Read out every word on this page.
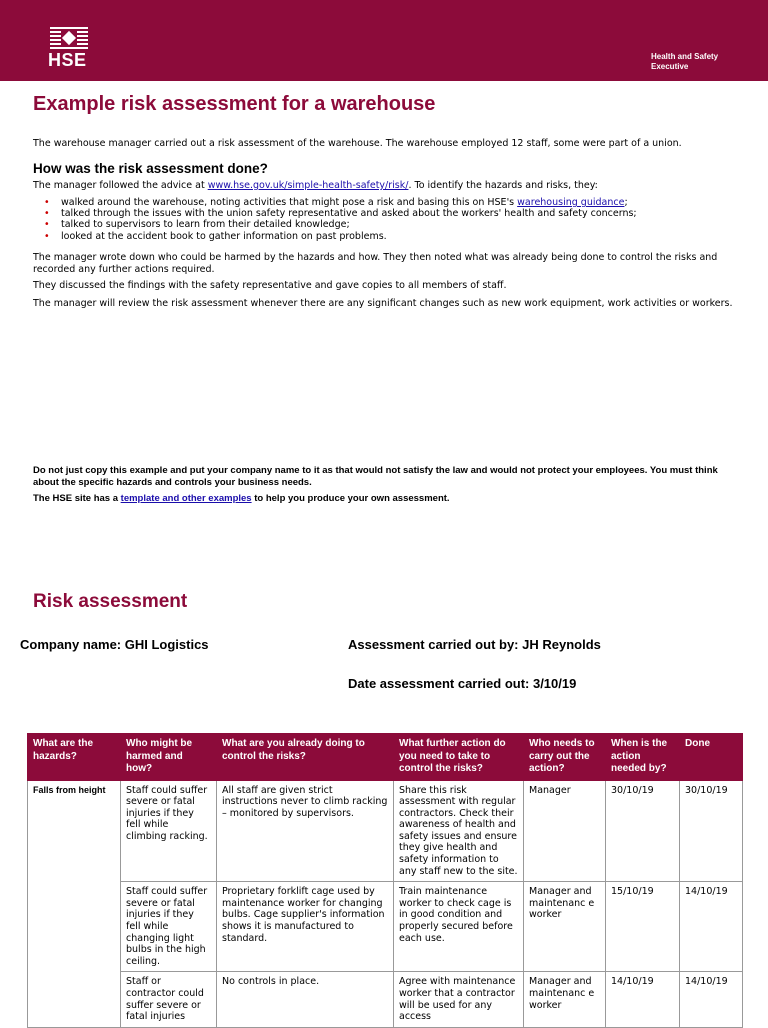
HSE	Health and Safety
Executive
Example risk assessment for a warehouse

The warehouse manager carried out a risk assessment of the warehouse. The warehouse employed 12 staff, some were part of a union.

How was the risk assessment done?

The manager followed the advice at www.hse.gov.uk/simple-health-safety/risk/. To identify the hazards and risks, they:

• walked around the warehouse, noting activities that might pose a risk and basing this on HSE's warehousing guidance;
• talked through the issues with the union safety representative and asked about the workers' health and safety concerns;
• talked to supervisors to learn from their detailed knowledge;
• looked at the accident book to gather information on past problems.

The manager wrote down who could be harmed by the hazards and how. They then noted what was already being done to control the risks and recorded any further actions required.

They discussed the findings with the safety representative and gave copies to all members of staff.

The manager will review the risk assessment whenever there are any significant changes such as new work equipment, work activities or workers.

Do not just copy this example and put your company name to it as that would not satisfy the law and would not protect your employees. You must think about the specific hazards and controls your business needs.

The HSE site has a template and other examples to help you produce your own assessment.

Risk assessment

Company name: GHI Logistics	Assessment carried out by: JH Reynolds

Date assessment carried out: 3/10/19

What are the hazards?	Who might be harmed and how?	What are you already doing to control the risks?	What further action do you need to take to control the risks?	Who needs to carry out the action?	When is the action needed by?	Done
Falls from height	Staff could suffer severe or fatal injuries if they fell while climbing racking.	All staff are given strict instructions never to climb racking – monitored by supervisors.	Share this risk assessment with regular contractors. Check their awareness of health and safety issues and ensure they give health and safety information to any staff new to the site.	Manager	30/10/19	30/10/19
	Staff could suffer severe or fatal injuries if they fell while changing light bulbs in the high ceiling.	Proprietary forklift cage used by maintenance worker for changing bulbs. Cage supplier's information shows it is manufactured to standard.	Train maintenance worker to check cage is in good condition and properly secured before each use.	Manager and maintenanc e worker	15/10/19	14/10/19
	Staff or contractor could suffer severe or fatal injuries	No controls in place.	Agree with maintenance worker that a contractor will be used for any access	Manager and maintenanc e worker	14/10/19	14/10/19
